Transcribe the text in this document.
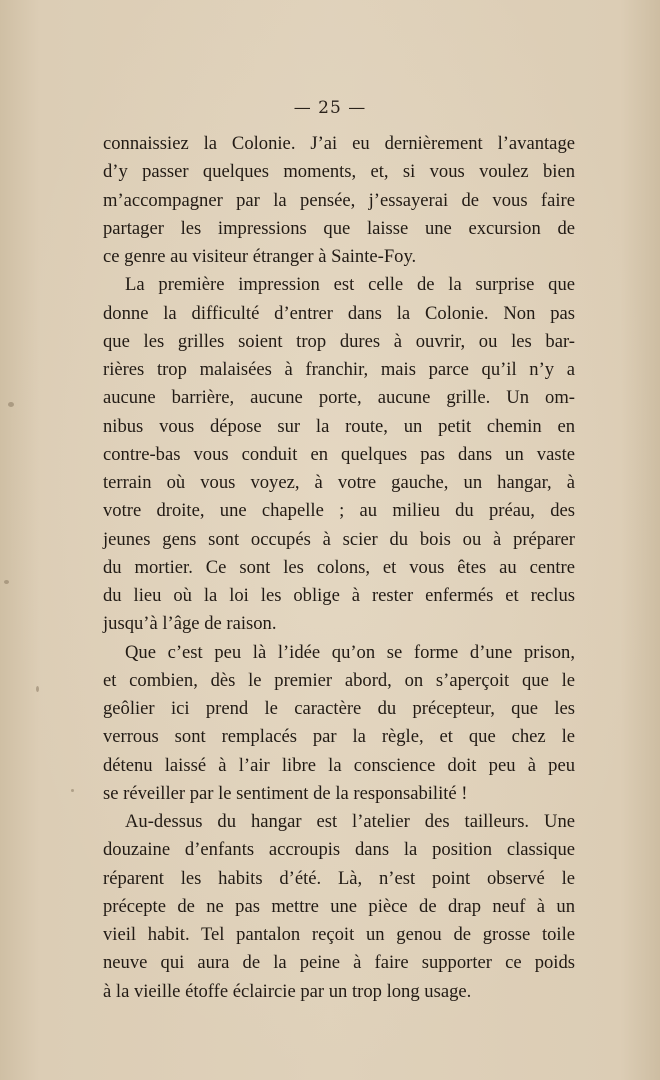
— 25 —
connaissiez la Colonie. J’ai eu dernièrement l’avantage
d’y passer quelques moments, et, si vous voulez bien
m’accompagner par la pensée, j’essayerai de vous faire
partager les impressions que laisse une excursion de
ce genre au visiteur étranger à Sainte-Foy.
La première impression est celle de la surprise que
donne la difficulté d’entrer dans la Colonie. Non pas
que les grilles soient trop dures à ouvrir, ou les bar-
rières trop malaisées à franchir, mais parce qu’il n’y a
aucune barrière, aucune porte, aucune grille. Un om-
nibus vous dépose sur la route, un petit chemin en
contre-bas vous conduit en quelques pas dans un vaste
terrain où vous voyez, à votre gauche, un hangar, à
votre droite, une chapelle ; au milieu du préau, des
jeunes gens sont occupés à scier du bois ou à préparer
du mortier. Ce sont les colons, et vous êtes au centre
du lieu où la loi les oblige à rester enfermés et reclus
jusqu’à l’âge de raison.
Que c’est peu là l’idée qu’on se forme d’une prison,
et combien, dès le premier abord, on s’aperçoit que le
geôlier ici prend le caractère du précepteur, que les
verrous sont remplacés par la règle, et que chez le
détenu laissé à l’air libre la conscience doit peu à peu
se réveiller par le sentiment de la responsabilité !
Au-dessus du hangar est l’atelier des tailleurs. Une
douzaine d’enfants accroupis dans la position classique
réparent les habits d’été. Là, n’est point observé le
précepte de ne pas mettre une pièce de drap neuf à un
vieil habit. Tel pantalon reçoit un genou de grosse toile
neuve qui aura de la peine à faire supporter ce poids
à la vieille étoffe éclaircie par un trop long usage.
